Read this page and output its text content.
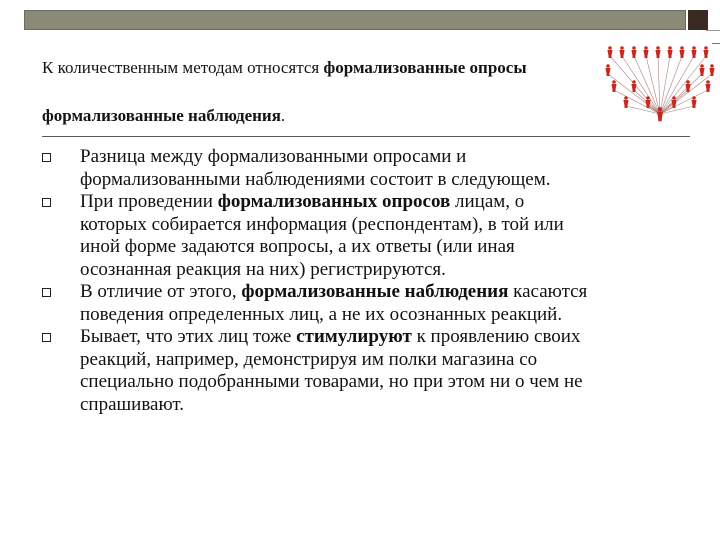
К количественным методам относятся формализованные опросы
формализованные наблюдения.
Разница между формализованными опросами и
формализованными наблюдениями состоит в следующем.
При проведении формализованных опросов лицам, о
которых собирается информация (респондентам), в той или
иной форме задаются вопросы, а их ответы (или иная
осознанная реакция на них) регистрируются.
В отличие от этого, формализованные наблюдения касаются
поведения определенных лиц, а не их осознанных реакций.
Бывает, что этих лиц тоже стимулируют к проявлению своих
реакций, например, демонстрируя им полки магазина со
специально подобранными товарами, но при этом ни о чем не
спрашивают.
